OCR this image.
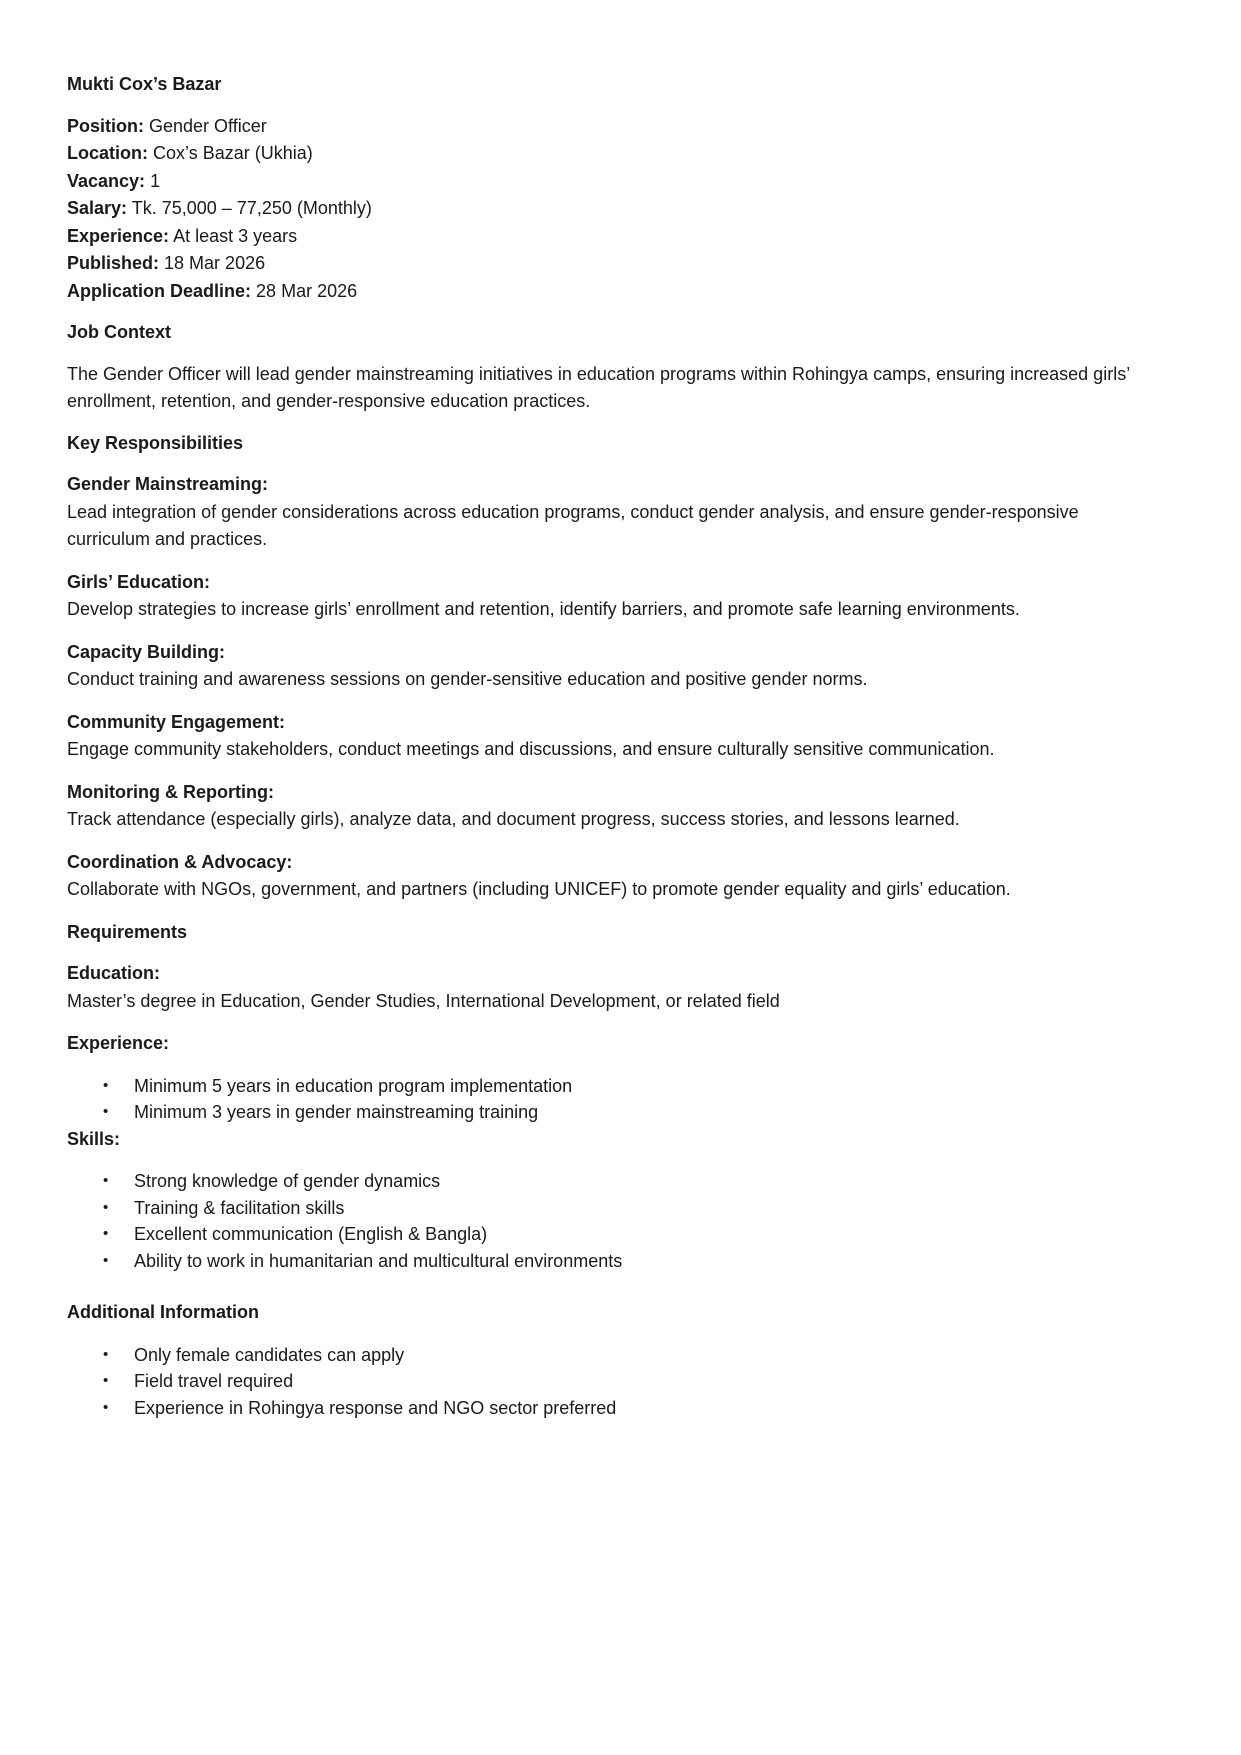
Mukti Cox’s Bazar
Position: Gender Officer
Location: Cox’s Bazar (Ukhia)
Vacancy: 1
Salary: Tk. 75,000 – 77,250 (Monthly)
Experience: At least 3 years
Published: 18 Mar 2026
Application Deadline: 28 Mar 2026
Job Context
The Gender Officer will lead gender mainstreaming initiatives in education programs within Rohingya camps, ensuring increased girls’ enrollment, retention, and gender-responsive education practices.
Key Responsibilities
Gender Mainstreaming:
Lead integration of gender considerations across education programs, conduct gender analysis, and ensure gender-responsive curriculum and practices.
Girls’ Education:
Develop strategies to increase girls’ enrollment and retention, identify barriers, and promote safe learning environments.
Capacity Building:
Conduct training and awareness sessions on gender-sensitive education and positive gender norms.
Community Engagement:
Engage community stakeholders, conduct meetings and discussions, and ensure culturally sensitive communication.
Monitoring & Reporting:
Track attendance (especially girls), analyze data, and document progress, success stories, and lessons learned.
Coordination & Advocacy:
Collaborate with NGOs, government, and partners (including UNICEF) to promote gender equality and girls’ education.
Requirements
Education:
Master’s degree in Education, Gender Studies, International Development, or related field
Experience:
• Minimum 5 years in education program implementation
• Minimum 3 years in gender mainstreaming training
Skills:
• Strong knowledge of gender dynamics
• Training & facilitation skills
• Excellent communication (English & Bangla)
• Ability to work in humanitarian and multicultural environments
Additional Information
• Only female candidates can apply
• Field travel required
• Experience in Rohingya response and NGO sector preferred
